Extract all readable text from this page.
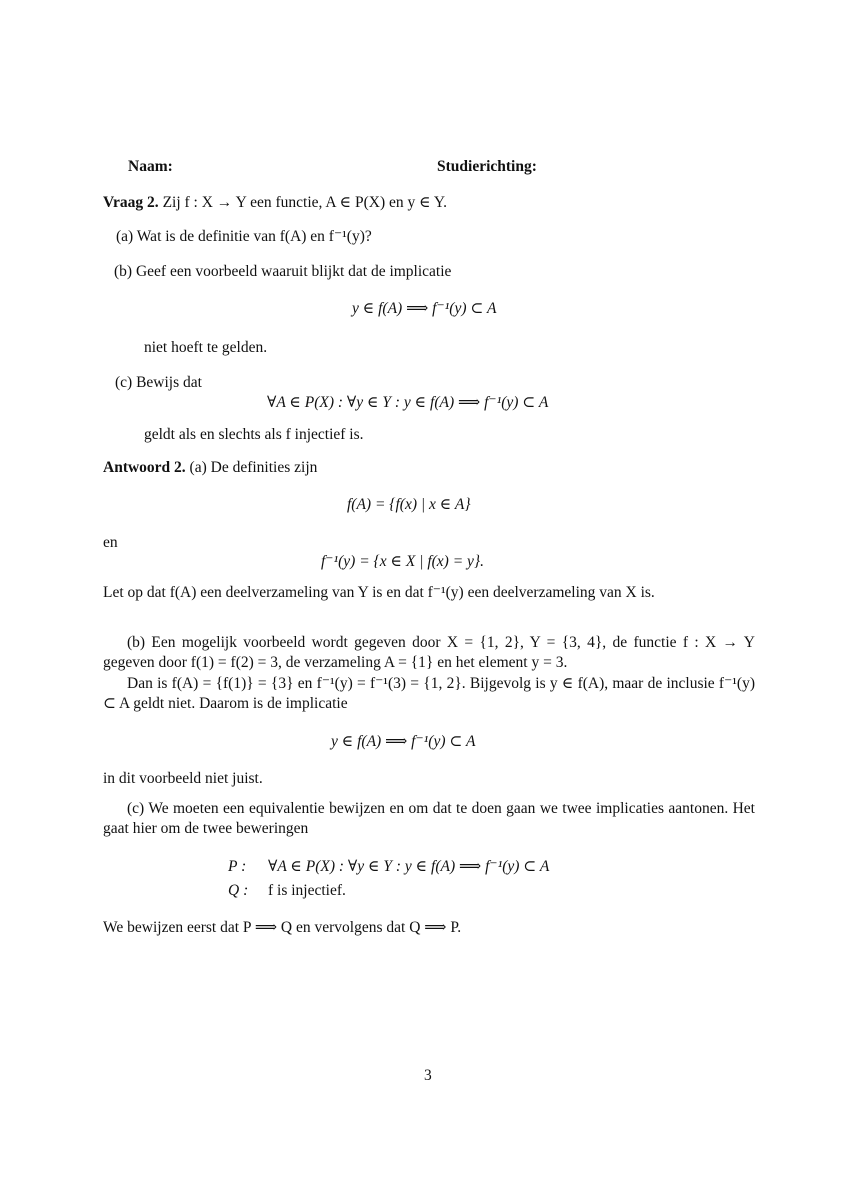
Naam:	Studierichting:
Vraag 2. Zij f : X → Y een functie, A ∈ P(X) en y ∈ Y.
(a) Wat is de definitie van f(A) en f⁻¹(y)?
(b) Geef een voorbeeld waaruit blijkt dat de implicatie
y ∈ f(A) ⟹ f⁻¹(y) ⊂ A
niet hoeft te gelden.
(c) Bewijs dat
∀A ∈ P(X) : ∀y ∈ Y : y ∈ f(A) ⟹ f⁻¹(y) ⊂ A
geldt als en slechts als f injectief is.
Antwoord 2. (a) De definities zijn
f(A) = {f(x) | x ∈ A}
en
f⁻¹(y) = {x ∈ X | f(x) = y}.
Let op dat f(A) een deelverzameling van Y is en dat f⁻¹(y) een deelverzameling van X is.
(b) Een mogelijk voorbeeld wordt gegeven door X = {1, 2}, Y = {3, 4}, de functie f : X → Y gegeven door f(1) = f(2) = 3, de verzameling A = {1} en het element y = 3.
Dan is f(A) = {f(1)} = {3} en f⁻¹(y) = f⁻¹(3) = {1, 2}. Bijgevolg is y ∈ f(A), maar de inclusie f⁻¹(y) ⊂ A geldt niet. Daarom is de implicatie
y ∈ f(A) ⟹ f⁻¹(y) ⊂ A
in dit voorbeeld niet juist.
(c) We moeten een equivalentie bewijzen en om dat te doen gaan we twee implicaties aantonen. Het gaat hier om de twee beweringen
P : ∀A ∈ P(X) : ∀y ∈ Y : y ∈ f(A) ⟹ f⁻¹(y) ⊂ A
Q : f is injectief.
We bewijzen eerst dat P ⟹ Q en vervolgens dat Q ⟹ P.
3
